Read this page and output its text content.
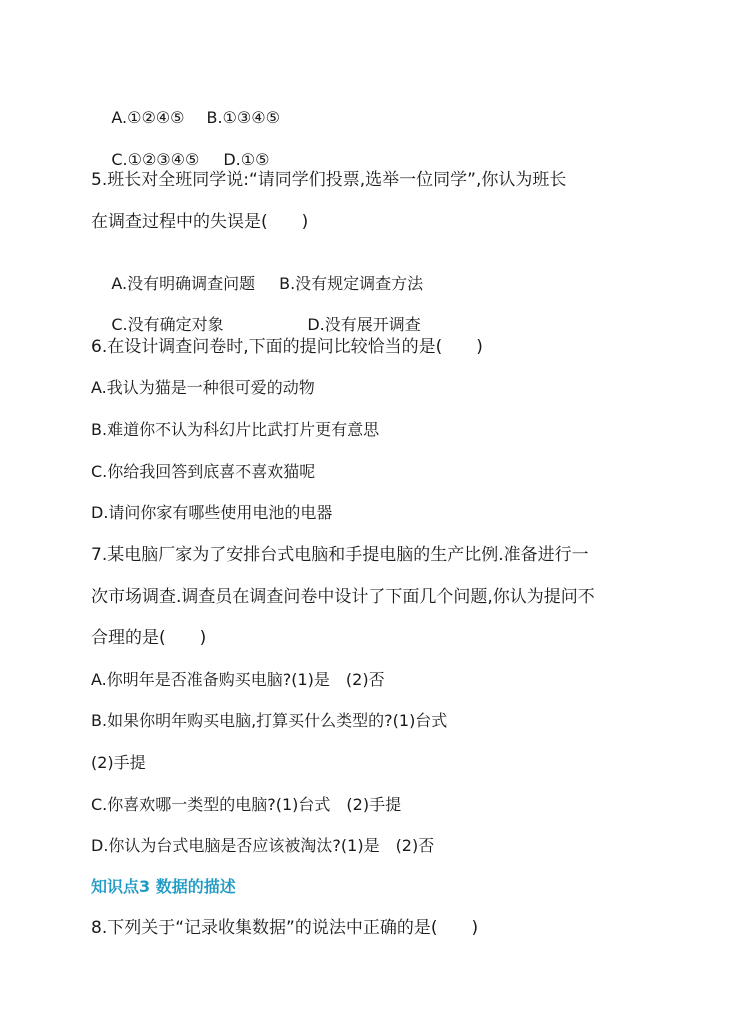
A.①②④⑤ B.①③④⑤

C.①②③④⑤ D.①⑤

5.班长对全班同学说:“请同学们投票,选举一位同学”,你认为班长
在调查过程中的失误是(　　)

A.没有明确调查问题 B.没有规定调查方法

C.没有确定对象	D.没有展开调查

6.在设计调查问卷时,下面的提问比较恰当的是(　　)
A.我认为猫是一种很可爱的动物
B.难道你不认为科幻片比武打片更有意思
C.你给我回答到底喜不喜欢猫呢
D.请问你家有哪些使用电池的电器
7.某电脑厂家为了安排台式电脑和手提电脑的生产比例.准备进行一
次市场调查.调查员在调查问卷中设计了下面几个问题,你认为提问不
合理的是(　　)
A.你明年是否准备购买电脑?(1)是　(2)否
B.如果你明年购买电脑,打算买什么类型的?(1)台式
(2)手提
C.你喜欢哪一类型的电脑?(1)台式　(2)手提
D.你认为台式电脑是否应该被淘汰?(1)是　(2)否
知识点3 数据的描述
8.下列关于“记录收集数据”的说法中正确的是(　　)
